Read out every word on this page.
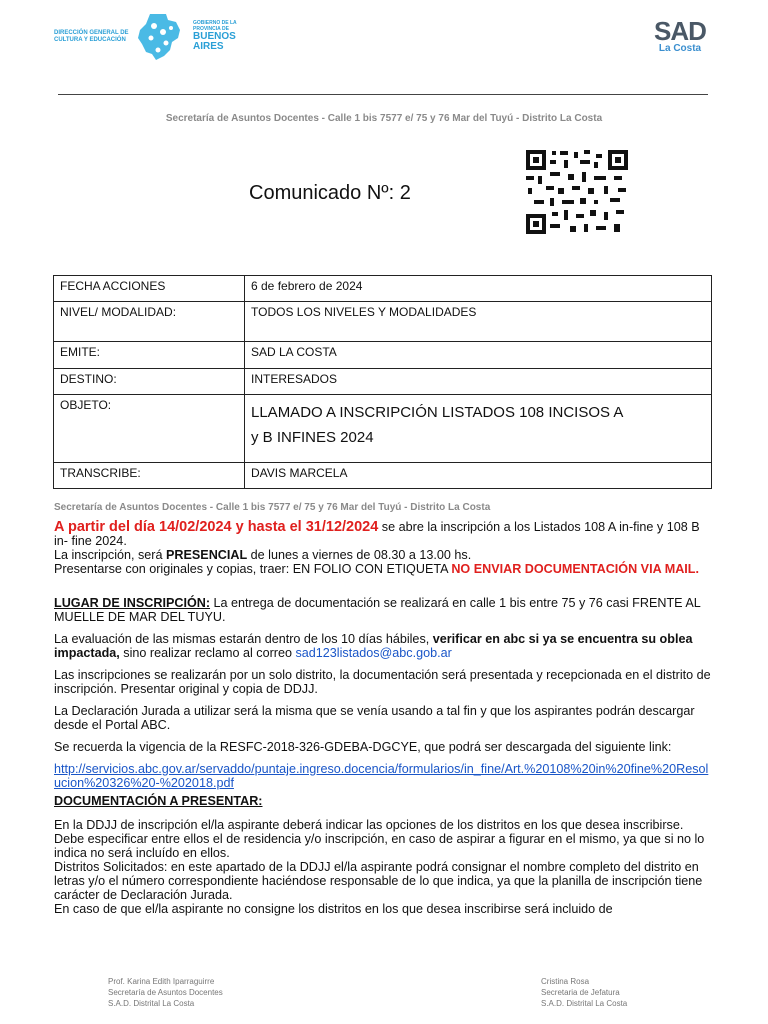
DIRECCIÓN GENERAL DE
CULTURA Y EDUCACIÓN
GOBIERNO DE LA
PROVINCIA DE
BUENOS
AIRES
SAD
La Costa
Secretaría de Asuntos Docentes - Calle 1 bis 7577 e/ 75 y 76 Mar del Tuyú - Distrito La Costa
Comunicado Nº: 2
FECHA ACCIONES	6 de febrero de 2024
NIVEL/ MODALIDAD:	TODOS LOS NIVELES Y MODALIDADES
EMITE:	SAD LA COSTA
DESTINO:	INTERESADOS
OBJETO:	LLAMADO A INSCRIPCIÓN LISTADOS 108 INCISOS A
y B INFINES 2024

TRANSCRIBE:	DAVIS MARCELA
Secretaría de Asuntos Docentes - Calle 1 bis 7577 e/ 75 y 76 Mar del Tuyú - Distrito La Costa

A partir del día 14/02/2024 y hasta el 31/12/2024 se abre la inscripción a los Listados 108 A in-fine y 108 B in- fine 2024.

La inscripción, será PRESENCIAL de lunes a viernes de 08.30 a 13.00 hs.

Presentarse con originales y copias, traer: EN FOLIO CON ETIQUETA NO ENVIAR DOCUMENTACIÓN VIA MAIL.

LUGAR DE INSCRIPCIÓN: La entrega de documentación se realizará en calle 1 bis entre 75 y 76 casi FRENTE AL MUELLE DE MAR DEL TUYU.

La evaluación de las mismas estarán dentro de los 10 días hábiles, verificar en abc si ya se encuentra su oblea impactada, sino realizar reclamo al correo sad123listados@abc.gob.ar

Las inscripciones se realizarán por un solo distrito, la documentación será presentada y recepcionada en el distrito de inscripción. Presentar original y copia de DDJJ.

La Declaración Jurada a utilizar será la misma que se venía usando a tal fin y que los aspirantes podrán descargar desde el Portal ABC.

Se recuerda la vigencia de la RESFC-2018-326-GDEBA-DGCYE, que podrá ser descargada del siguiente link:

http://servicios.abc.gov.ar/servaddo/puntaje.ingreso.docencia/formularios/in_fine/Art.%20108%20in%20fine%20Resolucion%20326%20-%202018.pdf

DOCUMENTACIÓN A PRESENTAR:

En la DDJJ de inscripción el/la aspirante deberá indicar las opciones de los distritos en los que desea inscribirse. Debe especificar entre ellos el de residencia y/o inscripción, en caso de aspirar a figurar en el mismo, ya que si no lo indica no será incluído en ellos.

Distritos Solicitados: en este apartado de la DDJJ el/la aspirante podrá consignar el nombre completo del distrito en letras y/o el número correspondiente haciéndose responsable de lo que indica, ya que la planilla de inscripción tiene carácter de Declaración Jurada.

En caso de que el/la aspirante no consigne los distritos en los que desea inscribirse será incluido de

Prof. Karina Edith Iparraguirre
Secretaría de Asuntos Docentes
S.A.D. Distrital La Costa
Cristina Rosa
Secretaria de Jefatura
S.A.D. Distrital La Costa
